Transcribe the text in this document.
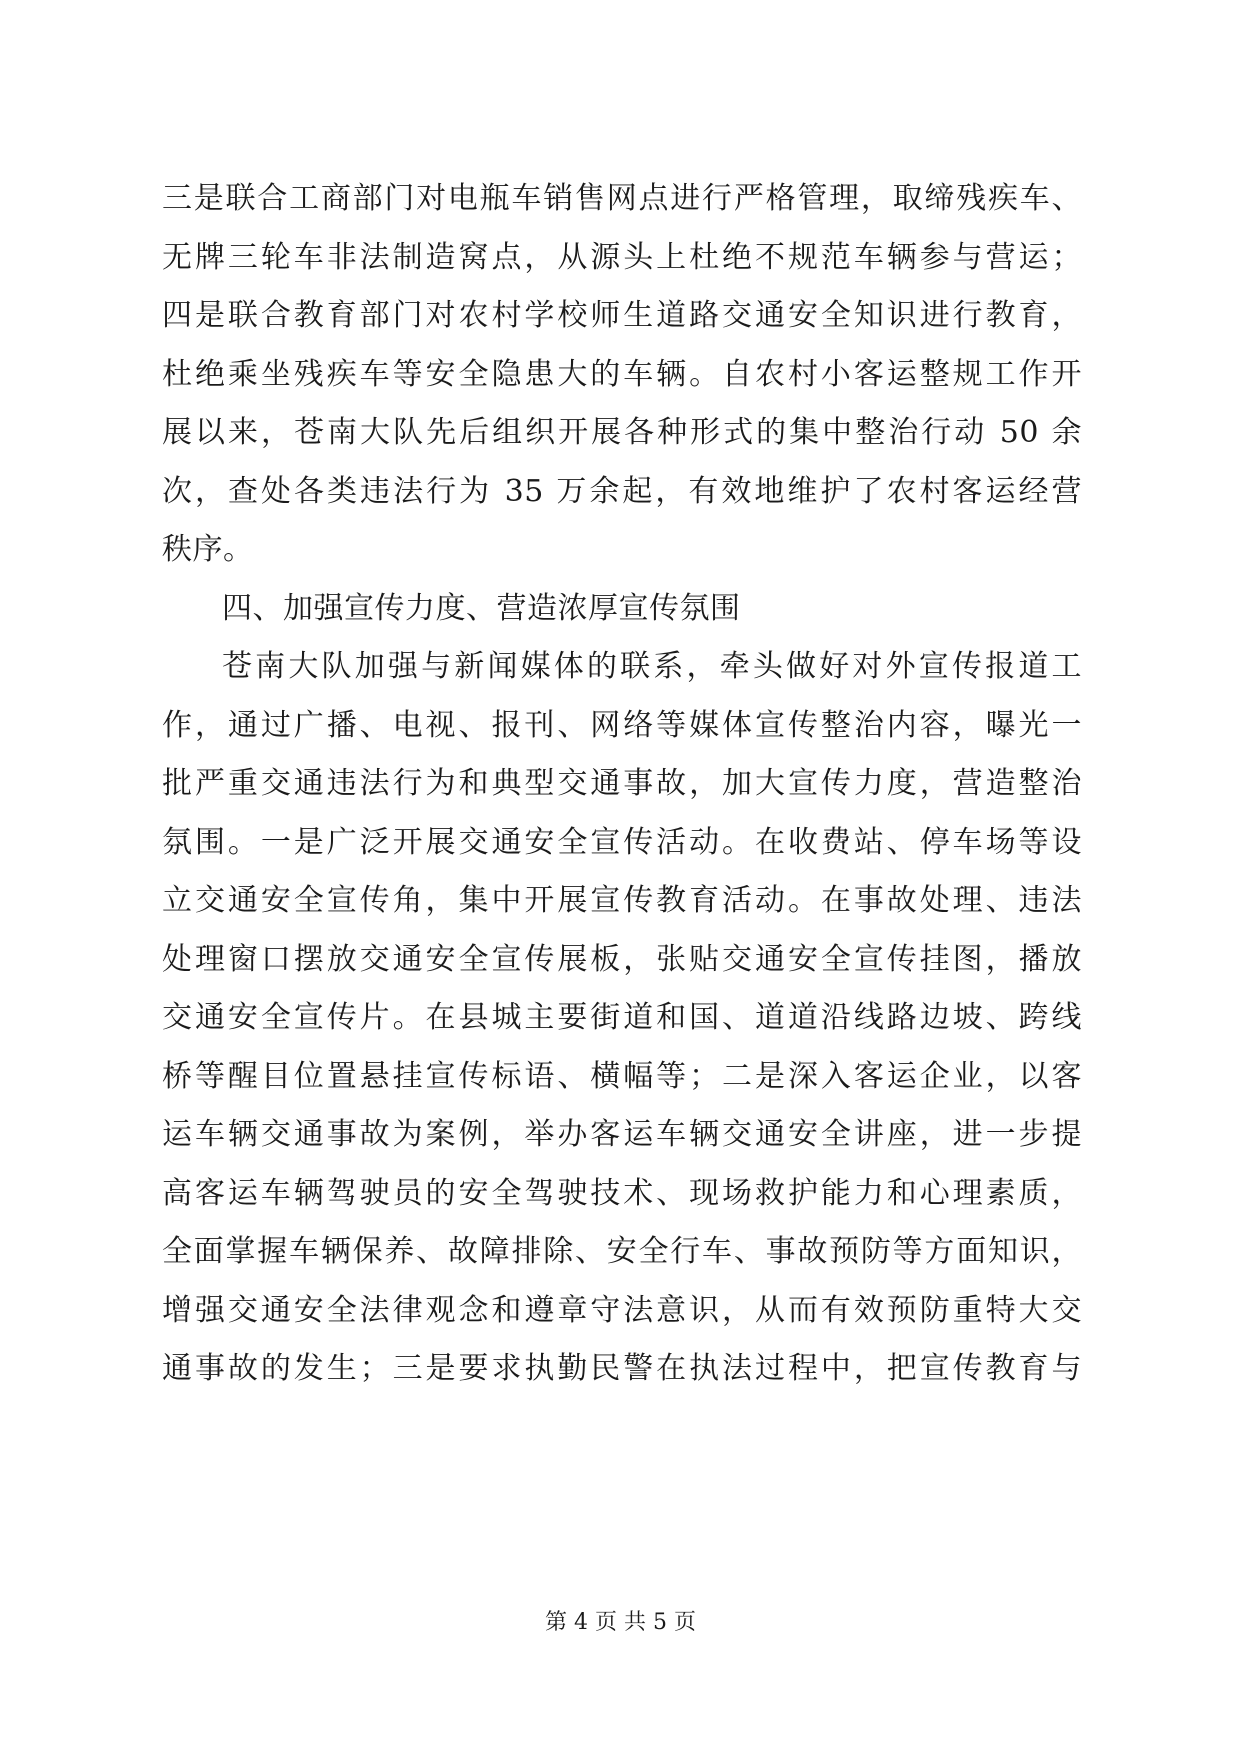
三是联合工商部门对电瓶车销售网点进行严格管理，取缔残疾车、
无牌三轮车非法制造窝点，从源头上杜绝不规范车辆参与营运；
四是联合教育部门对农村学校师生道路交通安全知识进行教育，
杜绝乘坐残疾车等安全隐患大的车辆。自农村小客运整规工作开
展以来，苍南大队先后组织开展各种形式的集中整治行动 50 余
次，查处各类违法行为 35 万余起，有效地维护了农村客运经营
秩序。
四、加强宣传力度、营造浓厚宣传氛围
苍南大队加强与新闻媒体的联系，牵头做好对外宣传报道工
作，通过广播、电视、报刊、网络等媒体宣传整治内容，曝光一
批严重交通违法行为和典型交通事故，加大宣传力度，营造整治
氛围。一是广泛开展交通安全宣传活动。在收费站、停车场等设
立交通安全宣传角，集中开展宣传教育活动。在事故处理、违法
处理窗口摆放交通安全宣传展板，张贴交通安全宣传挂图，播放
交通安全宣传片。在县城主要街道和国、道道沿线路边坡、跨线
桥等醒目位置悬挂宣传标语、横幅等；二是深入客运企业，以客
运车辆交通事故为案例，举办客运车辆交通安全讲座，进一步提
高客运车辆驾驶员的安全驾驶技术、现场救护能力和心理素质，
全面掌握车辆保养、故障排除、安全行车、事故预防等方面知识，
增强交通安全法律观念和遵章守法意识，从而有效预防重特大交
通事故的发生；三是要求执勤民警在执法过程中，把宣传教育与
第 4 页 共 5 页
